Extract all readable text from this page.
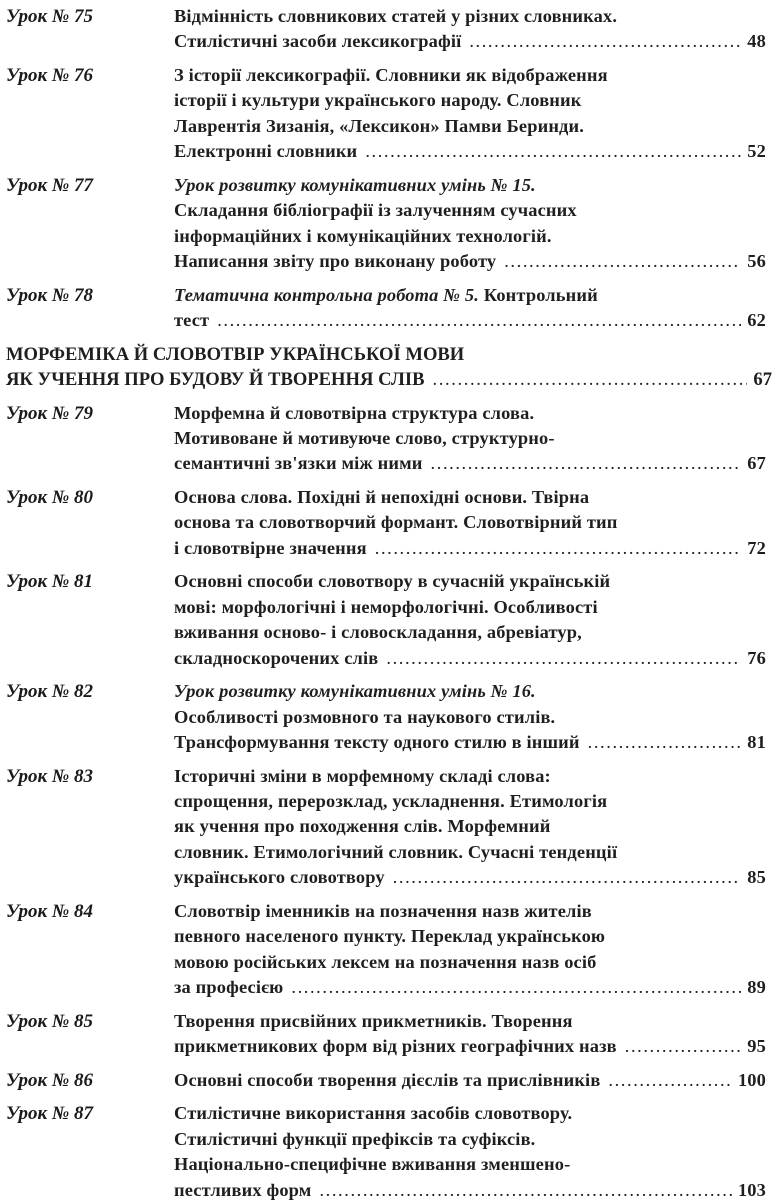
Урок № 75	Відмінність словникових статей у різних словниках.
Стилістичні засоби лексикографії .....	48
Урок № 76	З історії лексикографії. Словники як відображення
історії і культури українського народу. Словник
Лаврентія Зизанія, «Лексикон» Памви Беринди.
Електронні словники .....	52
Урок № 77	Урок розвитку комунікативних умінь № 15.
Складання бібліографії із залученням сучасних
інформаційних і комунікаційних технологій.
Написання звіту про виконану роботу .....	56
Урок № 78	Тематична контрольна робота № 5. Контрольний
тест .....	62
МОРФЕМІКА Й СЛОВОТВІР УКРАЇНСЬКОЇ МОВИ
ЯК УЧЕННЯ ПРО БУДОВУ Й ТВОРЕННЯ СЛІВ .....	67
Урок № 79	Морфемна й словотвірна структура слова.
Мотивоване й мотивуюче слово, структурно-
семантичні зв'язки між ними .....	67
Урок № 80	Основа слова. Похідні й непохідні основи. Твірна
основа та словотворчий формант. Словотвірний тип
і словотвірне значення .....	72
Урок № 81	Основні способи словотвору в сучасній українській
мові: морфологічні і неморфологічні. Особливості
вживання осново- і словоскладання, абревіатур,
складноскорочених слів .....	76
Урок № 82	Урок розвитку комунікативних умінь № 16.
Особливості розмовного та наукового стилів.
Трансформування тексту одного стилю в інший .....	81
Урок № 83	Історичні зміни в морфемному складі слова:
спрощення, перерозклад, ускладнення. Етимологія
як учення про походження слів. Морфемний
словник. Етимологічний словник. Сучасні тенденції
українського словотвору .....	85
Урок № 84	Словотвір іменників на позначення назв жителів
певного населеного пункту. Переклад українською
мовою російських лексем на позначення назв осіб
за професією .....	89
Урок № 85	Творення присвійних прикметників. Творення
прикметникових форм від різних географічних назв .....	95
Урок № 86	Основні способи творення дієслів та прислівників .....	100
Урок № 87	Стилістичне використання засобів словотвору.
Стилістичні функції префіксів та суфіксів.
Національно-специфічне вживання зменшено-
пестливих форм .....	103
